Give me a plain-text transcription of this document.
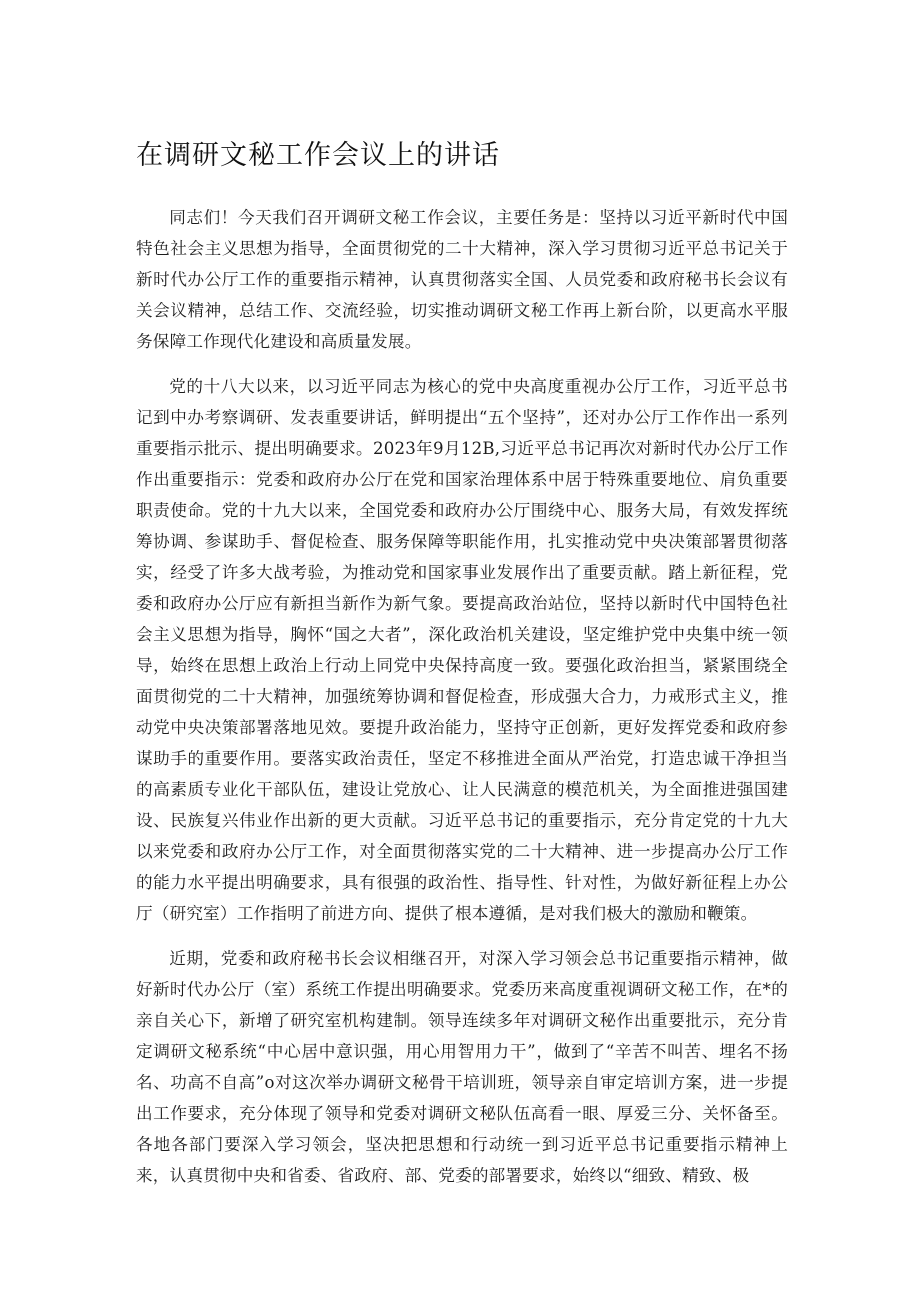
在调研文秘工作会议上的讲话

同志们！今天我们召开调研文秘工作会议，主要任务是：坚持以习近平新时代中国特色社会主义思想为指导，全面贯彻党的二十大精神，深入学习贯彻习近平总书记关于新时代办公厅工作的重要指示精神，认真贯彻落实全国、人员党委和政府秘书长会议有关会议精神，总结工作、交流经验，切实推动调研文秘工作再上新台阶，以更高水平服务保障工作现代化建设和高质量发展。

党的十八大以来，以习近平同志为核心的党中央高度重视办公厅工作，习近平总书记到中办考察调研、发表重要讲话，鲜明提出“五个坚持”，还对办公厅工作作出一系列重要指示批示、提出明确要求。2023年9月12B,习近平总书记再次对新时代办公厅工作作出重要指示：党委和政府办公厅在党和国家治理体系中居于特殊重要地位、肩负重要职责使命。党的十九大以来，全国党委和政府办公厅围绕中心、服务大局，有效发挥统筹协调、参谋助手、督促检查、服务保障等职能作用，扎实推动党中央决策部署贯彻落实，经受了许多大战考验，为推动党和国家事业发展作出了重要贡献。踏上新征程，党委和政府办公厅应有新担当新作为新气象。要提高政治站位，坚持以新时代中国特色社会主义思想为指导，胸怀“国之大者”，深化政治机关建设，坚定维护党中央集中统一领导，始终在思想上政治上行动上同党中央保持高度一致。要强化政治担当，紧紧围绕全面贯彻党的二十大精神，加强统筹协调和督促检查，形成强大合力，力戒形式主义，推动党中央决策部署落地见效。要提升政治能力，坚持守正创新，更好发挥党委和政府参谋助手的重要作用。要落实政治责任，坚定不移推进全面从严治党，打造忠诚干净担当的高素质专业化干部队伍，建设让党放心、让人民满意的模范机关，为全面推进强国建设、民族复兴伟业作出新的更大贡献。习近平总书记的重要指示，充分肯定党的十九大以来党委和政府办公厅工作，对全面贯彻落实党的二十大精神、进一步提高办公厅工作的能力水平提出明确要求，具有很强的政治性、指导性、针对性，为做好新征程上办公厅（研究室）工作指明了前进方向、提供了根本遵循，是对我们极大的激励和鞭策。

近期，党委和政府秘书长会议相继召开，对深入学习领会总书记重要指示精神，做好新时代办公厅（室）系统工作提出明确要求。党委历来高度重视调研文秘工作，在*的亲自关心下，新增了研究室机构建制。领导连续多年对调研文秘作出重要批示，充分肯定调研文秘系统“中心居中意识强，用心用智用力干”，做到了“辛苦不叫苦、埋名不扬名、功高不自高”o对这次举办调研文秘骨干培训班，领导亲自审定培训方案，进一步提出工作要求，充分体现了领导和党委对调研文秘队伍高看一眼、厚爱三分、关怀备至。各地各部门要深入学习领会，坚决把思想和行动统一到习近平总书记重要指示精神上来，认真贯彻中央和省委、省政府、部、党委的部署要求，始终以“细致、精致、极
